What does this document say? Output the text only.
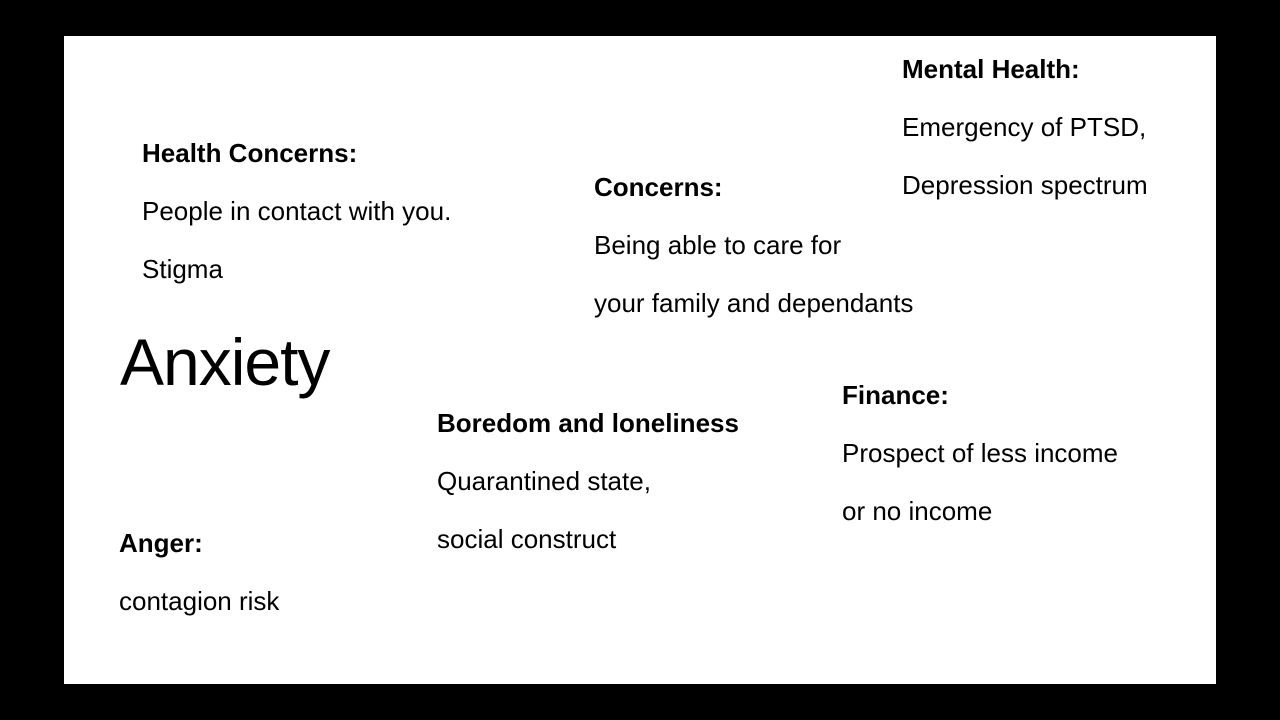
Health Concerns:
People in contact with you.
Stigma
Concerns:
Being able to care for
your family and dependants
Mental Health:
Emergency of PTSD,
Depression spectrum
Anxiety
Boredom and loneliness
Quarantined state,
social construct
Finance:
Prospect of less income
or no income
Anger:
contagion risk
